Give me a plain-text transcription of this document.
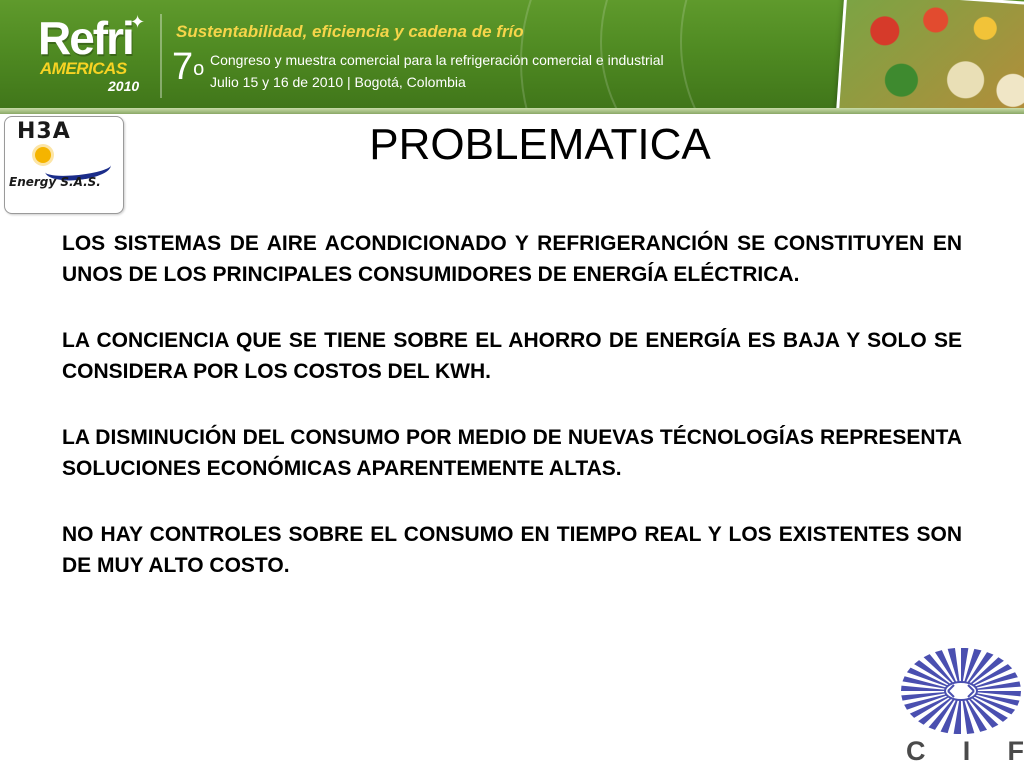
Refri
✦
AMERICAS
2010
Sustentabilidad, eficiencia y cadena de frío
7$^o$ Congreso y muestra comercial para la refrigeración comercial e industrial
Julio 15 y 16 de 2010 | Bogotá, Colombia
H3A
Energy S.A.S.
PROBLEMATICA

LOS SISTEMAS DE AIRE ACONDICIONADO Y REFRIGERANCIÓN SE CONSTITUYEN EN UNOS DE LOS PRINCIPALES CONSUMIDORES DE ENERGÍA ELÉCTRICA.

LA CONCIENCIA QUE SE TIENE SOBRE EL AHORRO DE ENERGÍA ES BAJA Y SOLO SE CONSIDERA POR LOS COSTOS DEL KWH.

LA DISMINUCIÓN DEL CONSUMO POR MEDIO DE NUEVAS TÉCNOLOGÍAS REPRESENTA SOLUCIONES ECONÓMICAS APARENTEMENTE ALTAS.

NO HAY CONTROLES SOBRE EL CONSUMO EN TIEMPO REAL Y LOS EXISTENTES SON DE MUY ALTO COSTO.

C I F
